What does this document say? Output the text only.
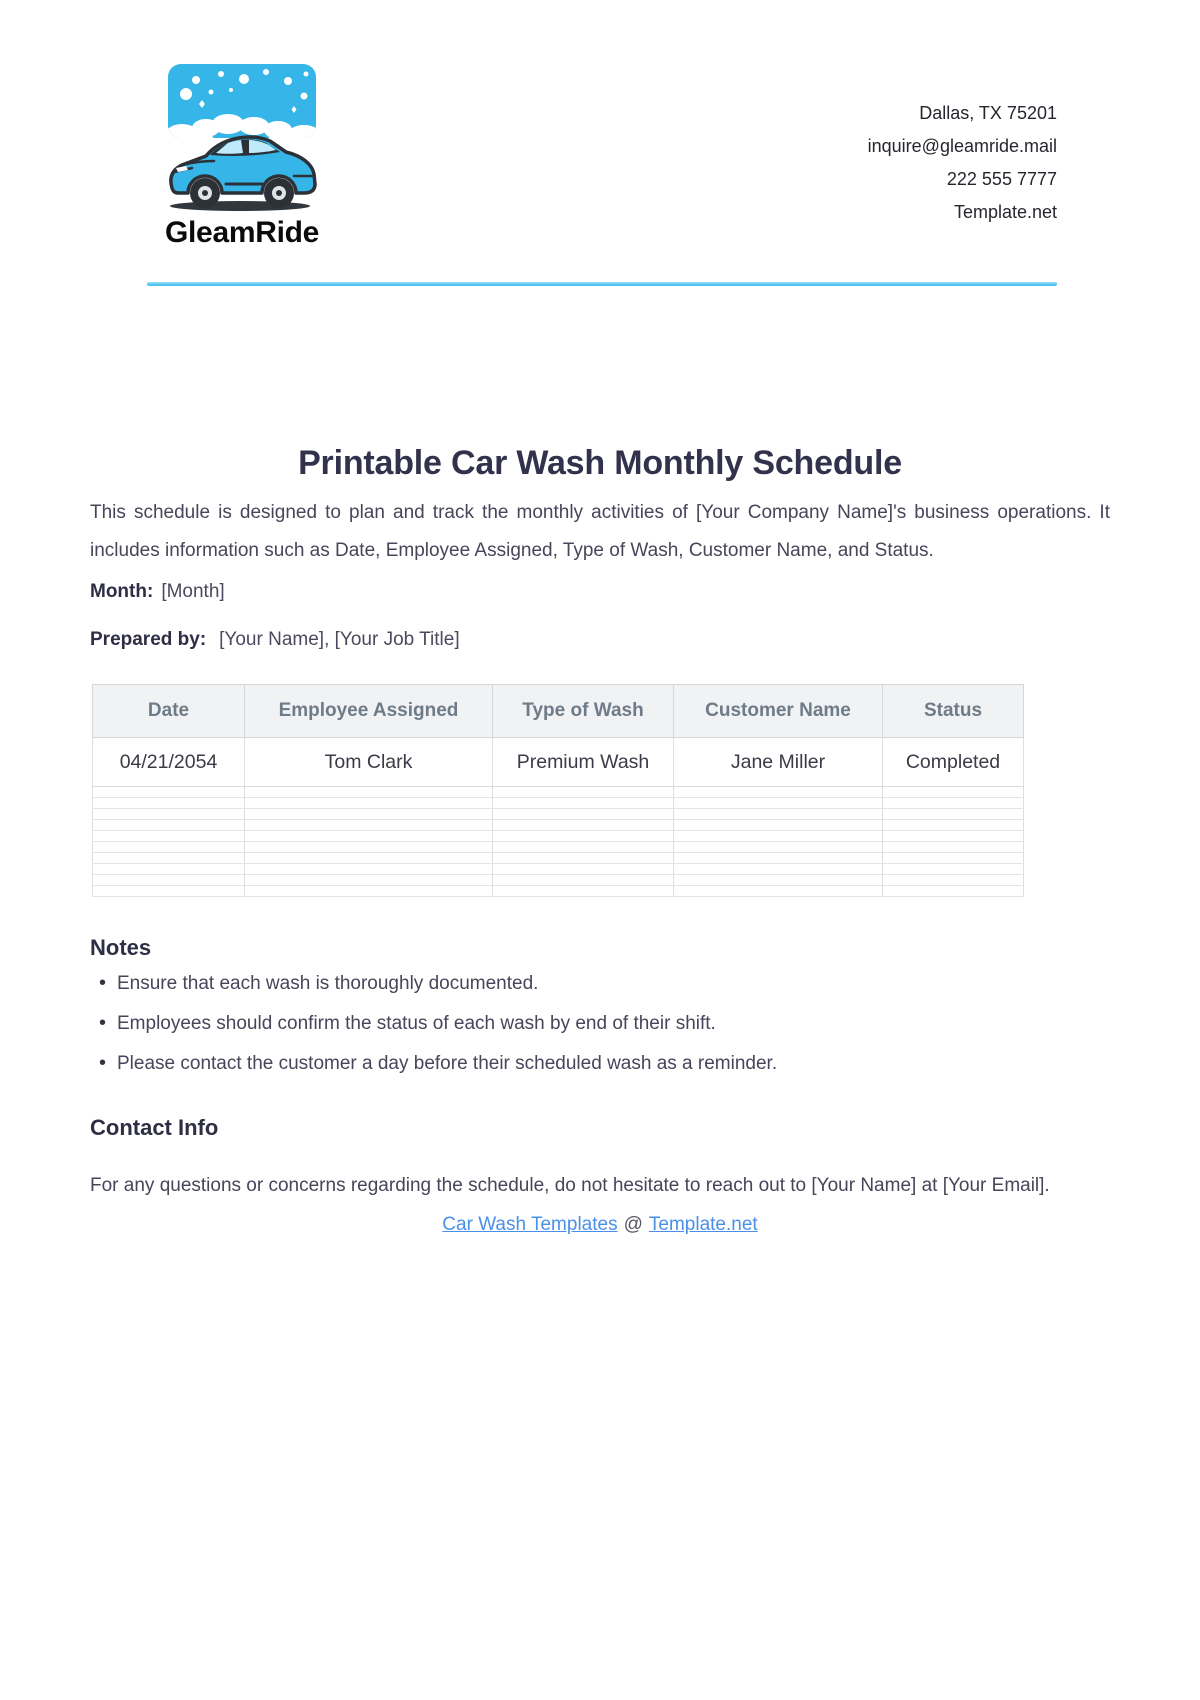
GleamRide
Dallas, TX 75201
inquire@gleamride.mail
222 555 7777
Template.net
Printable Car Wash Monthly Schedule

This schedule is designed to plan and track the monthly activities of [Your Company Name]'s business operations. It includes information such as Date, Employee Assigned, Type of Wash, Customer Name, and Status.

Month: [Month]
Prepared by: [Your Name], [Your Job Title]
Date	Employee Assigned	Type of Wash	Customer Name	Status
04/21/2054	Tom Clark	Premium Wash	Jane Miller	Completed

Notes
• Ensure that each wash is thoroughly documented.
• Employees should confirm the status of each wash by end of their shift.
• Please contact the customer a day before their scheduled wash as a reminder.
Contact Info

For any questions or concerns regarding the schedule, do not hesitate to reach out to [Your Name] at [Your Email].

Car Wash Templates @ Template.net
